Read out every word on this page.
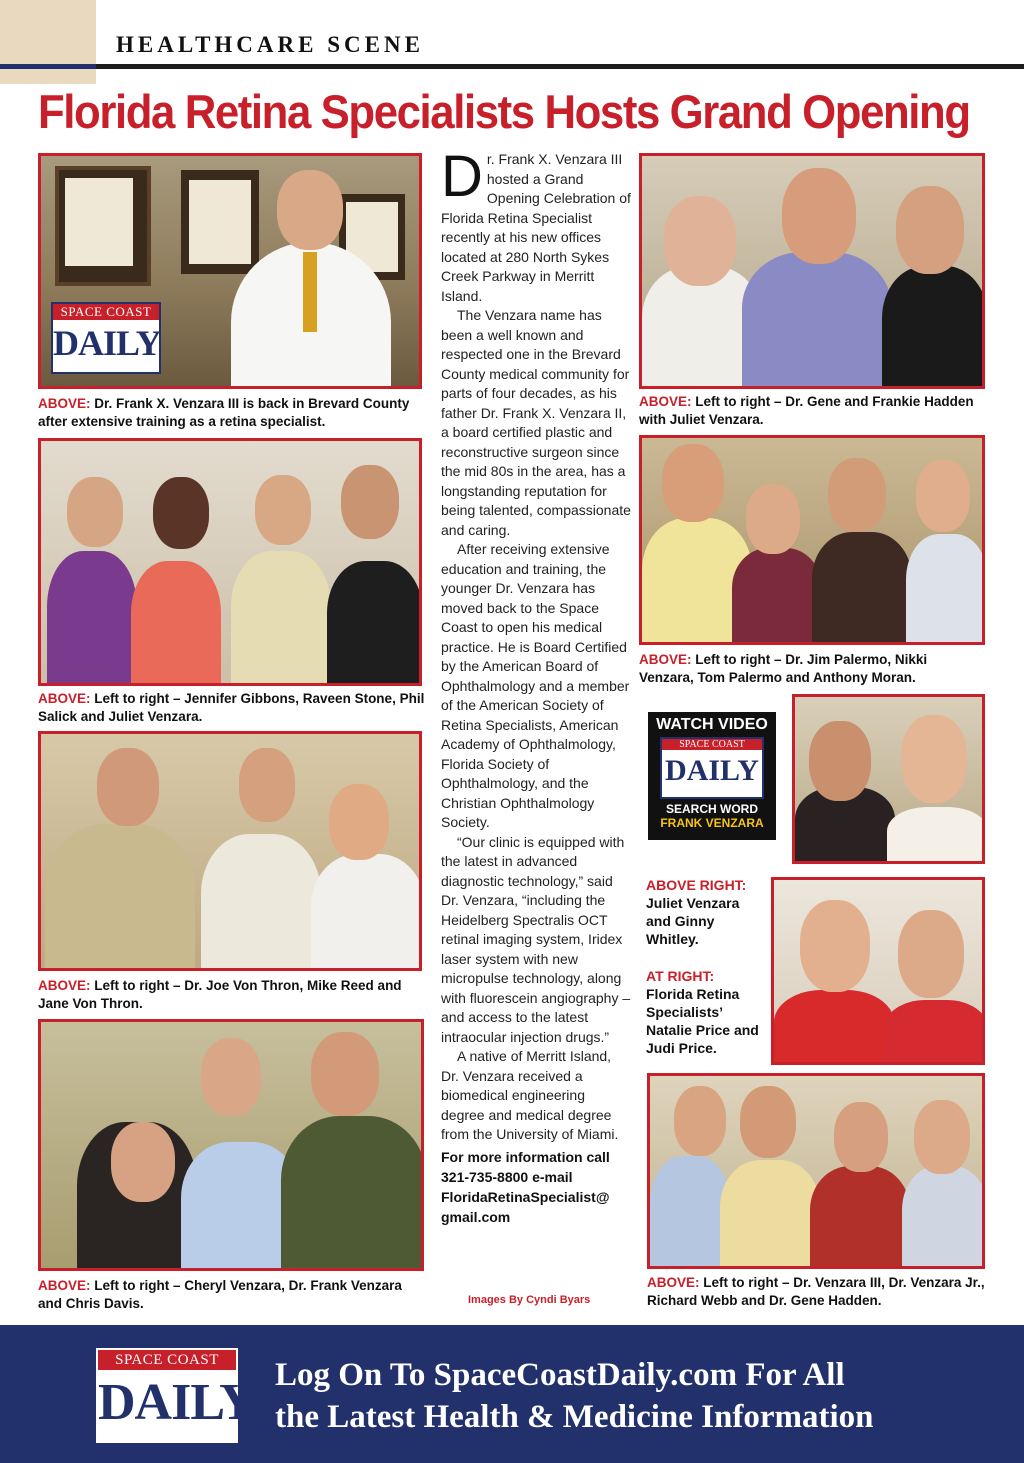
HEALTHCARE SCENE
Florida Retina Specialists Hosts Grand Opening
SPACE COAST
DAILY
ABOVE: Dr. Frank X. Venzara III is back in Brevard County after extensive training as a retina specialist.
ABOVE: Left to right – Jennifer Gibbons, Raveen Stone, Phil Salick and Juliet Venzara.
ABOVE: Left to right – Dr. Joe Von Thron, Mike Reed and Jane Von Thron.
ABOVE: Left to right – Cheryl Venzara, Dr. Frank Venzara and Chris Davis.

Dr. Frank X. Venzara III hosted a Grand Opening Celebration of Florida Retina Specialist recently at his new offices located at 280 North Sykes Creek Parkway in Merritt Island.

The Venzara name has been a well known and respected one in the Brevard County medical community for parts of four decades, as his father Dr. Frank X. Venzara II, a board certified plastic and reconstructive surgeon since the mid 80s in the area, has a longstanding reputation for being talented, compassionate and caring.

After receiving extensive education and training, the younger Dr. Venzara has moved back to the Space Coast to open his medical practice. He is Board Certified by the American Board of Ophthalmology and a member of the American Society of Retina Specialists, American Academy of Ophthalmology, Florida Society of Ophthalmology, and the Christian Ophthalmology Society.

“Our clinic is equipped with the latest in advanced diagnostic technology,” said Dr. Venzara, “including the Heidelberg Spectralis OCT retinal imaging system, Iridex laser system with new micropulse technology, along with fluorescein angiography – and access to the latest intraocular injection drugs.”

A native of Merritt Island, Dr. Venzara received a biomedical engineering degree and medical degree from the University of Miami.

For more information call 321-735-8800 e-mail FloridaRetinaSpecialist@ gmail.com

Images By Cyndi Byars
ABOVE: Left to right – Dr. Gene and Frankie Hadden with Juliet Venzara.
ABOVE: Left to right – Dr. Jim Palermo, Nikki Venzara, Tom Palermo and Anthony Moran.
WATCH VIDEO
SPACE COAST
DAILY
SEARCH WORD
FRANK VENZARA
ABOVE RIGHT:
Juliet Venzara and Ginny Whitley.
AT RIGHT:
Florida Retina Specialists’ Natalie Price and Judi Price.
ABOVE: Left to right – Dr. Venzara III, Dr. Venzara Jr., Richard Webb and Dr. Gene Hadden.
SPACE COAST
DAILY Log On To SpaceCoastDaily.com For All
the Latest Health & Medicine Information
